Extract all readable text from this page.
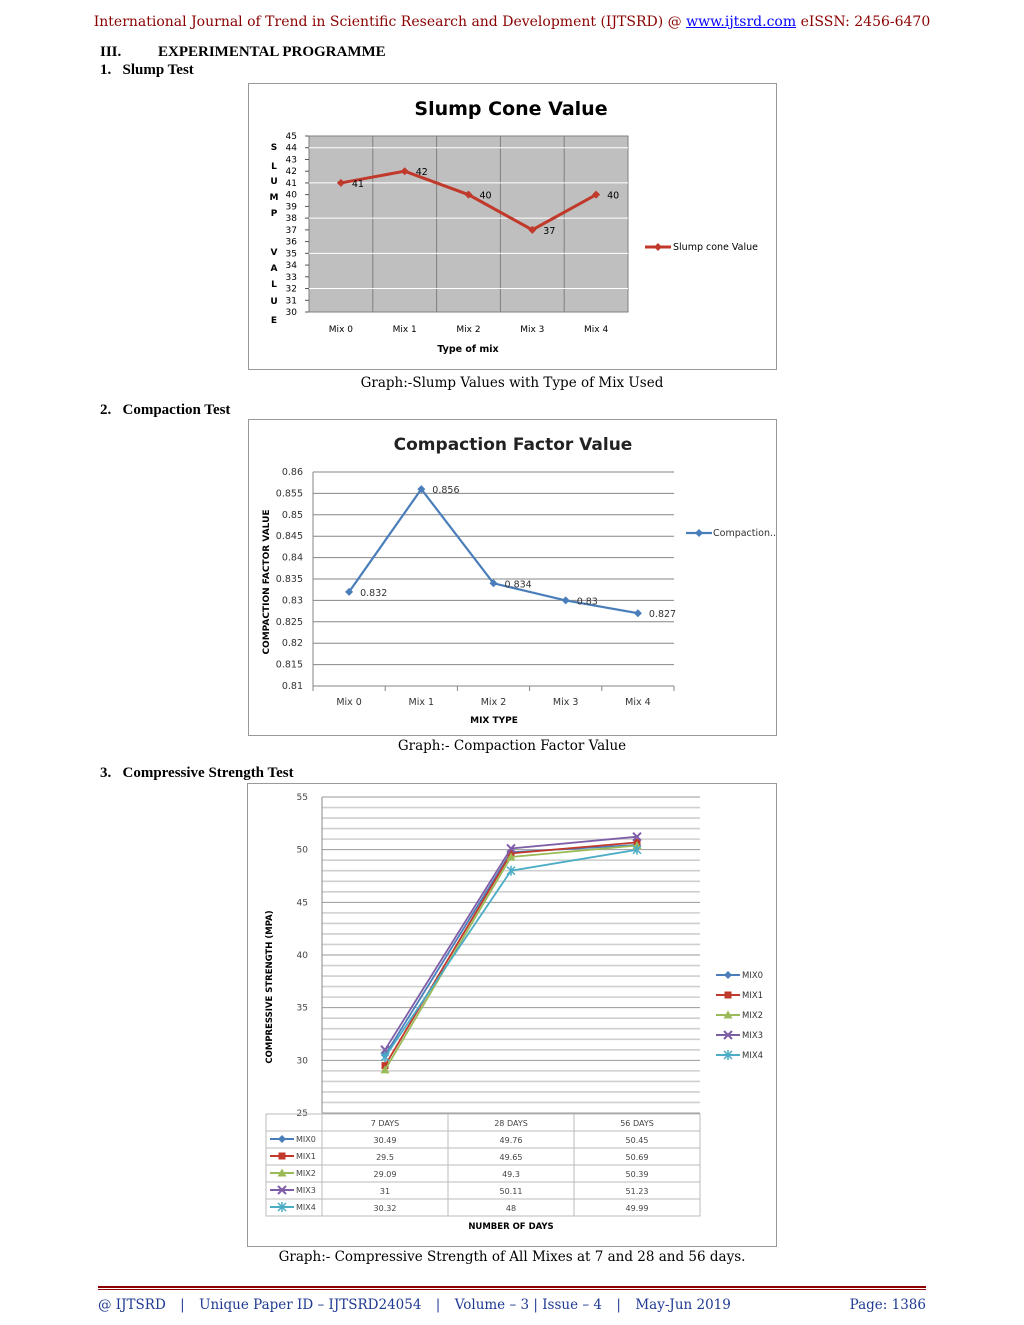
International Journal of Trend in Scientific Research and Development (IJTSRD) @ www.ijtsrd.com eISSN: 2456-6470
III. EXPERIMENTAL PROGRAMME
1. Slump Test
Slump Cone Value
30
31
32
33
34
35
36
37
38
39
40
41
42
43
44
45
S
L
U
M
P
V
A
L
U
E
Mix 0	Mix 1	Mix 2	Mix 3	Mix 4
Type of mix
41
42
40
37
40
Slump cone Value
Graph:-Slump Values with Type of Mix Used
2. Compaction Test
Compaction Factor Value
0.81
0.815
0.82
0.825
0.83
0.835
0.84
0.845
0.85
0.855
0.86
COMPACTION FACTOR VALUE
Mix 0	Mix 1	Mix 2	Mix 3	Mix 4
MIX TYPE
0.832
0.856
0.834
0.83
0.827
Compaction..
Graph:- Compaction Factor Value
3. Compressive Strength Test
25
30
35
40
45
50
55
COMPRESSIVE STRENGTH (MPA)	MIX0
MIX1
MIX2
MIX3
MIX4
7 DAYS	28 DAYS	56 DAYS
MIX0	30.49	49.76	50.45
MIX1	29.5	49.65	50.69
MIX2	29.09	49.3	50.39
MIX3	31	50.11	51.23
MIX4	30.32	48	49.99
NUMBER OF DAYS
Graph:- Compressive Strength of All Mixes at 7 and 28 and 56 days.
@ IJTSRD | Unique Paper ID – IJTSRD24054 | Volume – 3 | Issue – 4 | May-Jun 2019	Page: 1386
